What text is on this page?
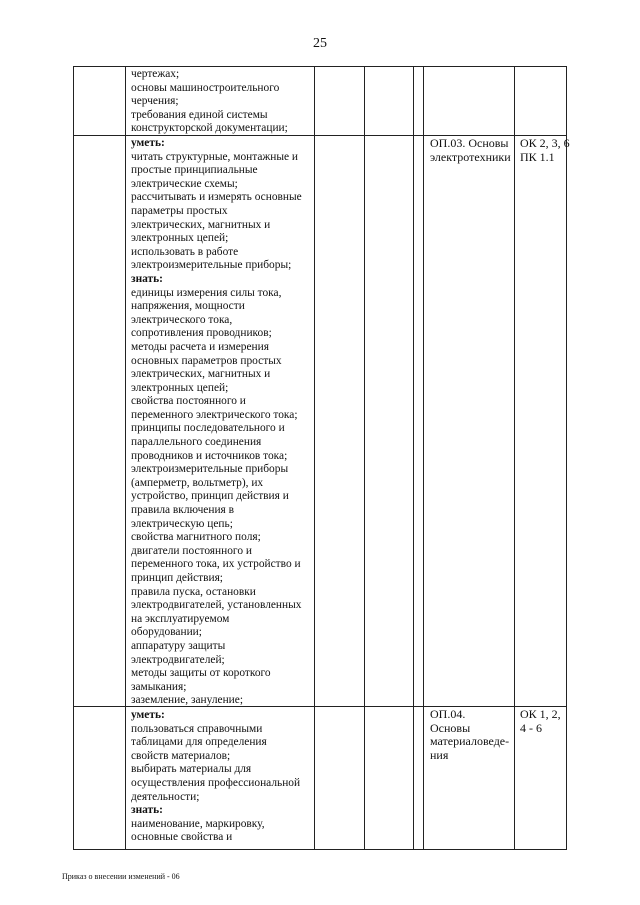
25
чертежах;
основы машиностроительного
черчения;
требования единой системы
конструкторской документации;
уметь:
читать структурные, монтажные и
простые принципиальные
электрические схемы;
рассчитывать и измерять основные
параметры простых
электрических, магнитных и
электронных цепей;
использовать в работе
электроизмерительные приборы;
знать:
единицы измерения силы тока,
напряжения, мощности
электрического тока,
сопротивления проводников;
методы расчета и измерения
основных параметров простых
электрических, магнитных и
электронных цепей;
свойства постоянного и
переменного электрического тока;
принципы последовательного и
параллельного соединения
проводников и источников тока;
электроизмерительные приборы
(амперметр, вольтметр), их
устройство, принцип действия и
правила включения в
электрическую цепь;
свойства магнитного поля;
двигатели постоянного и
переменного тока, их устройство и
принцип действия;
правила пуска, остановки
электродвигателей, установленных
на эксплуатируемом
оборудовании;
аппаратуру защиты
электродвигателей;
методы защиты от короткого
замыкания;
заземление, зануление;
ОП.03. Основы
электротехники
ОК 2, 3, 6
ПК 1.1
уметь:
пользоваться справочными
таблицами для определения
свойств материалов;
выбирать материалы для
осуществления профессиональной
деятельности;
знать:
наименование, маркировку,
основные свойства и
ОП.04.
Основы
материаловеде-
ния
ОК 1, 2,
4 - 6
Приказ о внесении изменений - 06
